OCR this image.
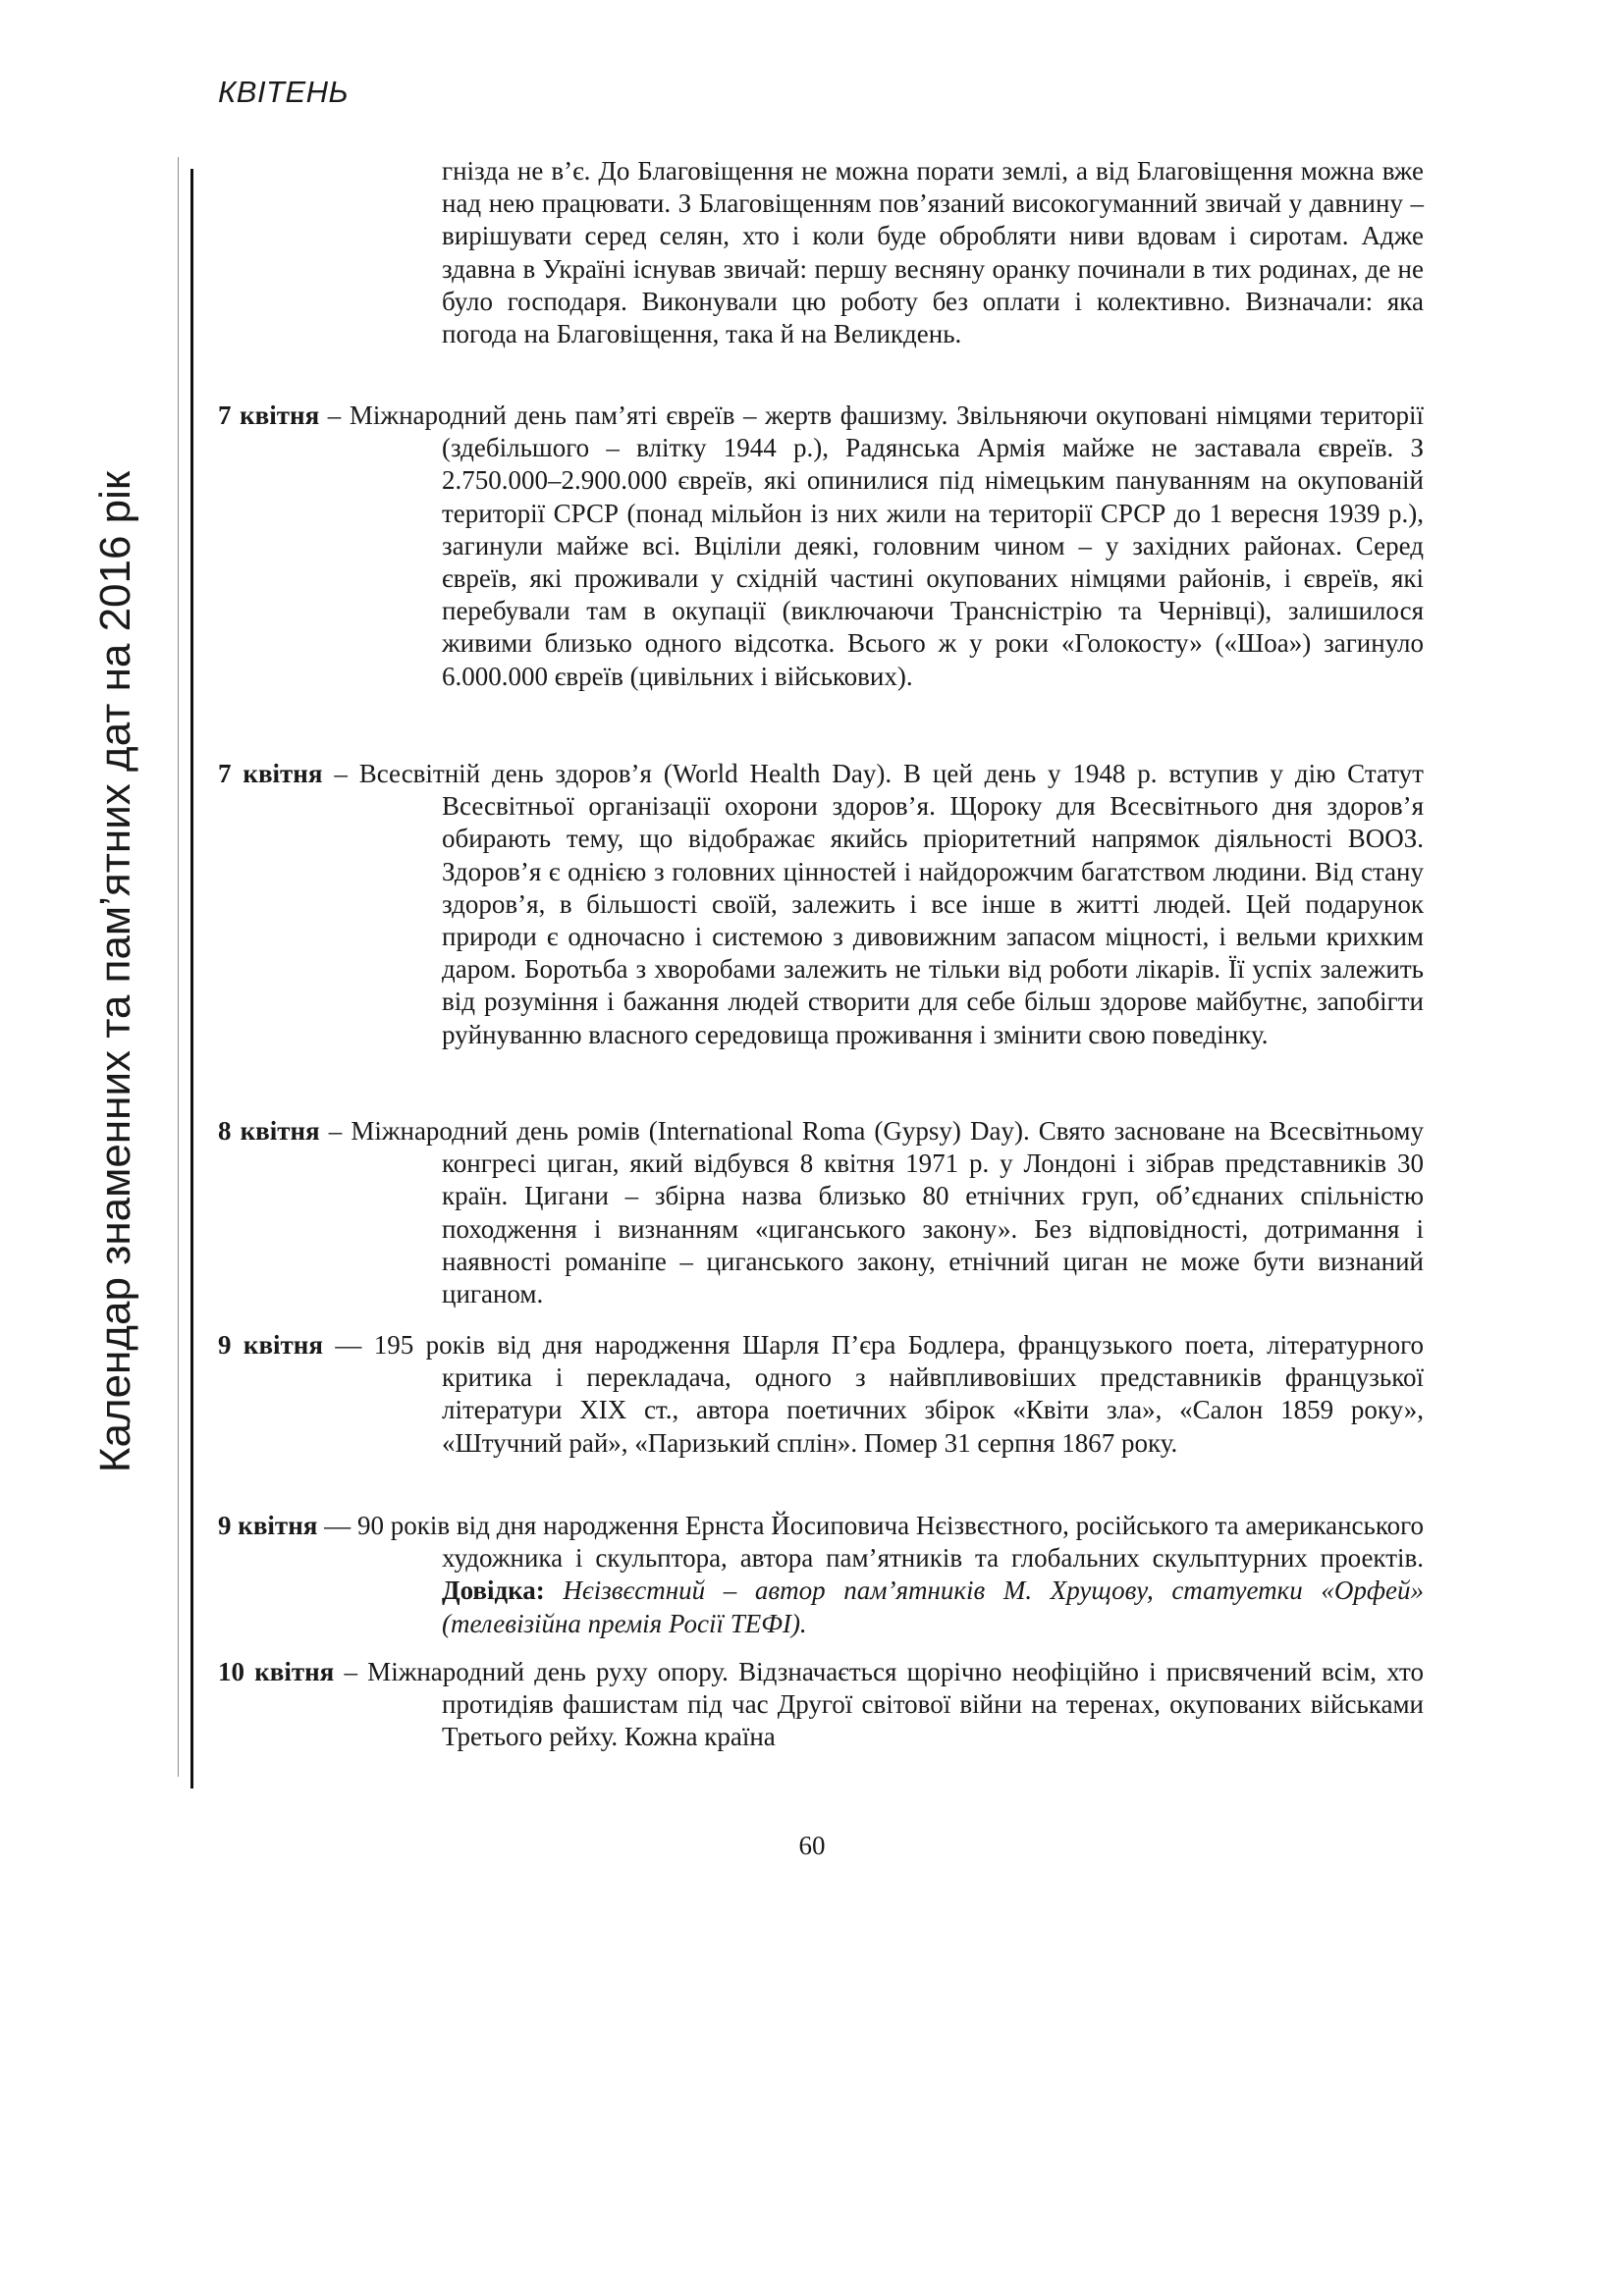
КВІТЕНЬ
Календар знаменних та пам’ятних дат на 2016 рік
гнізда не в’є. До Благовіщення не можна порати землі, а від Благовіщення можна вже над нею працювати. З Благовіщенням пов’язаний високогуманний звичай у давнину – вирішувати серед селян, хто і коли буде обробляти ниви вдовам і сиротам. Адже здавна в Україні існував звичай: першу весняну оранку починали в тих родинах, де не було господаря. Виконували цю роботу без оплати і колективно. Визначали: яка погода на Благовіщення, така й на Великдень.
7 квітня – Міжнародний день пам’яті євреїв – жертв фашизму. Звільняючи окуповані німцями території (здебільшого – влітку 1944 р.), Радянська Армія майже не заставала євреїв. З 2.750.000–2.900.000 євреїв, які опинилися під німецьким пануванням на окупованій території СРСР (понад мільйон із них жили на території СРСР до 1 вересня 1939 р.), загинули майже всі. Вціліли деякі, головним чином – у західних районах. Серед євреїв, які проживали у східній частині окупованих німцями районів, і євреїв, які перебували там в окупації (виключаючи Трансністрію та Чернівці), залишилося живими близько одного відсотка. Всього ж у роки «Голокосту» («Шоа») загинуло 6.000.000 євреїв (цивільних і військових).
7 квітня – Всесвітній день здоров’я (World Health Day). В цей день у 1948 р. вступив у дію Статут Всесвітньої організації охорони здоров’я. Щороку для Всесвітнього дня здоров’я обирають тему, що відображає якийсь пріоритетний напрямок діяльності ВООЗ. Здоров’я є однією з головних цінностей і найдорожчим багатством людини. Від стану здоров’я, в більшості своїй, залежить і все інше в житті людей. Цей подарунок природи є одночасно і системою з дивовижним запасом міцності, і вельми крихким даром. Боротьба з хворобами залежить не тільки від роботи лікарів. Її успіх залежить від розуміння і бажання людей створити для себе більш здорове майбутнє, запобігти руйнуванню власного середовища проживання і змінити свою поведінку.
8 квітня – Міжнародний день ромів (International Roma (Gypsy) Day). Свято засноване на Всесвітньому конгресі циган, який відбувся 8 квітня 1971 р. у Лондоні і зібрав представників 30 країн. Цигани – збірна назва близько 80 етнічних груп, об’єднаних спільністю походження і визнанням «циганського закону». Без відповідності, дотримання і наявності романіпе – циганського закону, етнічний циган не може бути визнаний циганом.
9 квітня — 195 років від дня народження Шарля П’єра Бодлера, французького поета, літературного критика і перекладача, одного з найвпливовіших представників французької літератури XIX ст., автора поетичних збірок «Квіти зла», «Салон 1859 року», «Штучний рай», «Паризький сплін». Помер 31 серпня 1867 року.
9 квітня — 90 років від дня народження Ернста Йосиповича Нєізвєстного, російського та американського художника і скульптора, автора пам’ятників та глобальних скульптурних проектів. Довідка: Нєізвєстний – автор пам’ятників М. Хрущову, статуетки «Орфей» (телевізійна премія Росії ТЕФІ).
10 квітня – Міжнародний день руху опору. Відзначається щорічно неофіційно і присвячений всім, хто протидіяв фашистам під час Другої світової війни на теренах, окупованих військами Третього рейху. Кожна країна
60
